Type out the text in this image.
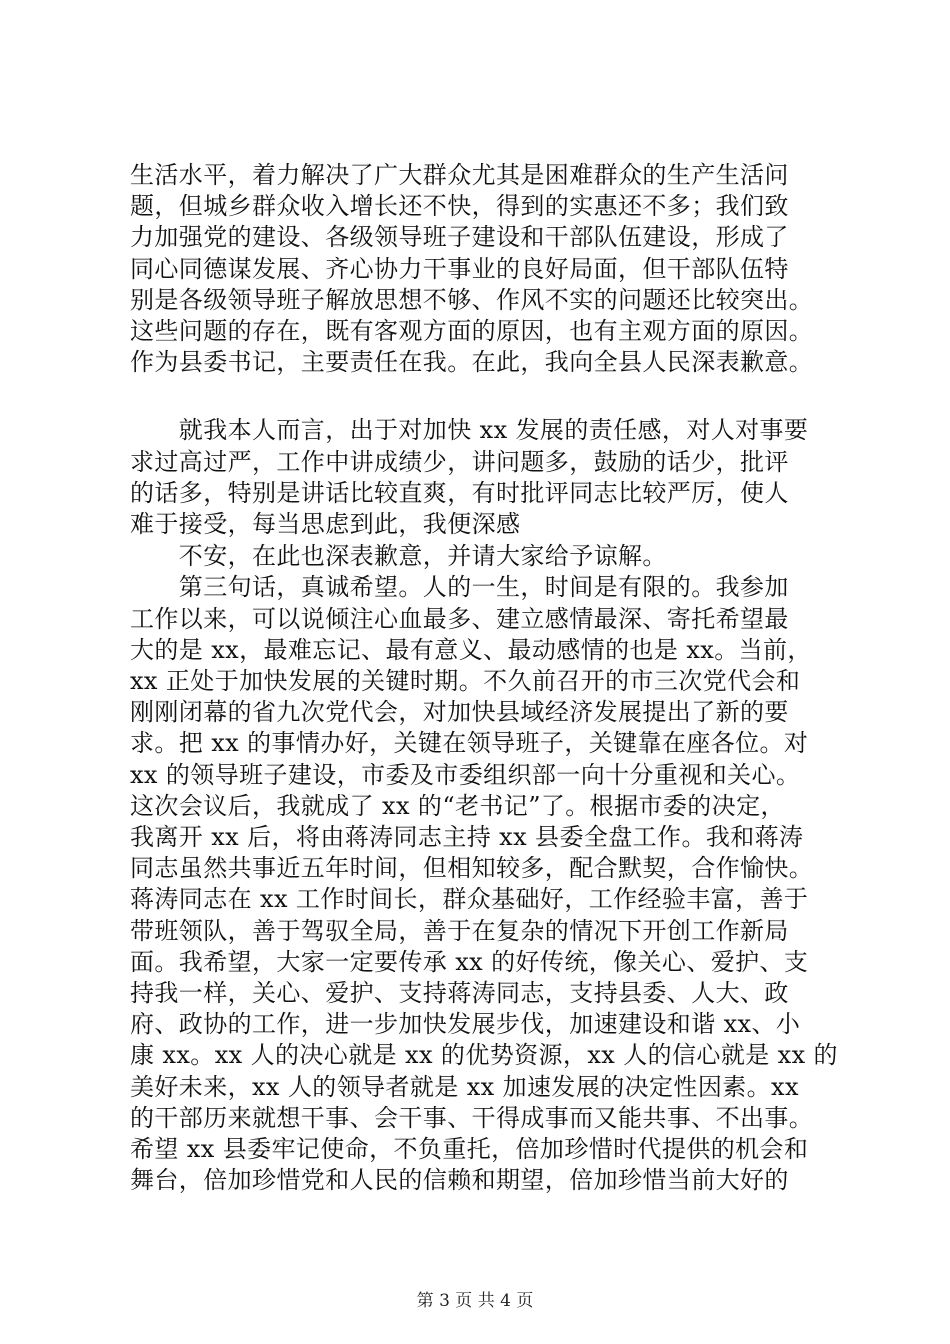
生活水平，着力解决了广大群众尤其是困难群众的生产生活问
题，但城乡群众收入增长还不快，得到的实惠还不多；我们致
力加强党的建设、各级领导班子建设和干部队伍建设，形成了
同心同德谋发展、齐心协力干事业的良好局面，但干部队伍特
别是各级领导班子解放思想不够、作风不实的问题还比较突出。
这些问题的存在，既有客观方面的原因，也有主观方面的原因。
作为县委书记，主要责任在我。在此，我向全县人民深表歉意。
　　就我本人而言，出于对加快 xx 发展的责任感，对人对事要
求过高过严，工作中讲成绩少，讲问题多，鼓励的话少，批评
的话多，特别是讲话比较直爽，有时批评同志比较严厉，使人
难于接受，每当思虑到此，我便深感
　　不安，在此也深表歉意，并请大家给予谅解。
　　第三句话，真诚希望。人的一生，时间是有限的。我参加
工作以来，可以说倾注心血最多、建立感情最深、寄托希望最
大的是 xx，最难忘记、最有意义、最动感情的也是 xx。当前，
xx 正处于加快发展的关键时期。不久前召开的市三次党代会和
刚刚闭幕的省九次党代会，对加快县域经济发展提出了新的要
求。把 xx 的事情办好，关键在领导班子，关键靠在座各位。对
xx 的领导班子建设，市委及市委组织部一向十分重视和关心。
这次会议后，我就成了 xx 的“老书记”了。根据市委的决定，
我离开 xx 后，将由蒋涛同志主持 xx 县委全盘工作。我和蒋涛
同志虽然共事近五年时间，但相知较多，配合默契，合作愉快。
蒋涛同志在 xx 工作时间长，群众基础好，工作经验丰富，善于
带班领队，善于驾驭全局，善于在复杂的情况下开创工作新局
面。我希望，大家一定要传承 xx 的好传统，像关心、爱护、支
持我一样，关心、爱护、支持蒋涛同志，支持县委、人大、政
府、政协的工作，进一步加快发展步伐，加速建设和谐 xx、小
康 xx。xx 人的决心就是 xx 的优势资源，xx 人的信心就是 xx 的
美好未来，xx 人的领导者就是 xx 加速发展的决定性因素。xx
的干部历来就想干事、会干事、干得成事而又能共事、不出事。
希望 xx 县委牢记使命，不负重托，倍加珍惜时代提供的机会和
舞台，倍加珍惜党和人民的信赖和期望，倍加珍惜当前大好的
第 3 页 共 4 页
